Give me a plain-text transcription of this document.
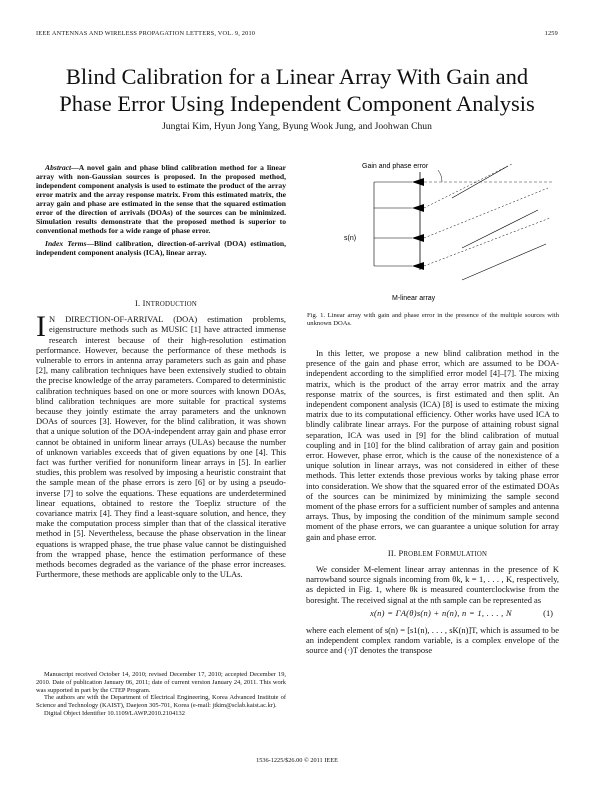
IEEE ANTENNAS AND WIRELESS PROPAGATION LETTERS, VOL. 9, 2010	1259
Blind Calibration for a Linear Array With Gain and
Phase Error Using Independent Component Analysis
Jungtai Kim, Hyun Jong Yang, Byung Wook Jung, and Joohwan Chun

Abstract—A novel gain and phase blind calibration method for a linear array with non-Gaussian sources is proposed. In the proposed method, independent component analysis is used to estimate the product of the array error matrix and the array response matrix. From this estimated matrix, the array gain and phase are estimated in the sense that the squared estimation error of the direction of arrivals (DOAs) of the sources can be minimized. Simulation results demonstrate that the proposed method is superior to conventional methods for a wide range of phase error.

Index Terms—Blind calibration, direction-of-arrival (DOA) estimation, independent component analysis (ICA), linear array.

I. INTRODUCTION

I N DIRECTION-OF-ARRIVAL (DOA) estimation problems, eigenstructure methods such as MUSIC [1] have attracted immense research interest because of their high-resolution estimation performance. However, because the performance of these methods is vulnerable to errors in antenna array parameters such as gain and phase [2], many calibration techniques have been extensively studied to obtain the precise knowledge of the array parameters. Compared to deterministic calibration techniques based on one or more sources with known DOAs, blind calibration techniques are more suitable for practical systems because they jointly estimate the array parameters and the unknown DOAs of sources [3]. However, for the blind calibration, it was shown that a unique solution of the DOA-independent array gain and phase error cannot be obtained in uniform linear arrays (ULAs) because the number of unknown variables exceeds that of given equations by one [4]. This fact was further verified for nonuniform linear arrays in [5]. In earlier studies, this problem was resolved by imposing a heuristic constraint that the sample mean of the phase errors is zero [6] or by using a pseudo-inverse [7] to solve the equations. These equations are underdetermined linear equations, obtained to restore the Toepliz structure of the covariance matrix [4]. They find a least-square solution, and hence, they make the computation process simpler than that of the classical iterative method in [5]. Nevertheless, because the phase observation in the linear equations is wrapped phase, the true phase value cannot be distinguished from the wrapped phase, hence the estimation performance of these methods becomes degraded as the variance of the phase error increases. Furthermore, these methods are applicable only to the ULAs.

Manuscript received October 14, 2010; revised December 17, 2010; accepted December 19, 2010. Date of publication January 06, 2011; date of current version January 24, 2011. This work was supported in part by the CTEP Program.

The authors are with the Department of Electrical Engineering, Korea Advanced Institute of Science and Technology (KAIST), Daejeon 305-701, Korea (e-mail: jtkim@sclab.kaist.ac.kr).

Digital Object Identifier 10.1109/LAWP.2010.2104132

Gain and phase error
s(n)
M-linear array
Fig. 1. Linear array with gain and phase error in the presence of the multiple sources with unknown DOAs.

In this letter, we propose a new blind calibration method in the presence of the gain and phase error, which are assumed to be DOA-independent according to the simplified error model [4]–[7]. The mixing matrix, which is the product of the array error matrix and the array response matrix of the sources, is first estimated and then split. An independent component analysis (ICA) [8] is used to estimate the mixing matrix due to its computational efficiency. Other works have used ICA to blindly calibrate linear arrays. For the purpose of attaining robust signal separation, ICA was used in [9] for the blind calibration of mutual coupling and in [10] for the blind calibration of array gain and position error. However, phase error, which is the cause of the nonexistence of a unique solution in linear arrays, was not considered in either of these methods. This letter extends those previous works by taking phase error into consideration. We show that the squared error of the estimated DOAs of the sources can be minimized by minimizing the sample second moment of the phase errors for a sufficient number of samples and antenna arrays. Thus, by imposing the condition of the minimum sample second moment of the phase errors, we can guarantee a unique solution for array gain and phase error.

II. PROBLEM FORMULATION

We consider M-element linear array antennas in the presence of K narrowband source signals incoming from θk, k = 1, . . . , K, respectively, as depicted in Fig. 1, where θk is measured counterclockwise from the boresight. The received signal at the nth sample can be represented as

x(n) = ΓA(θ)s(n) + n(n), n = 1, . . . , N	(1)

where each element of s(n) = [s1(n), . . . , sK(n)]T, which is assumed to be an independent complex random variable, is a complex envelope of the source and (·)T denotes the transpose

1536-1225/$26.00 © 2011 IEEE
